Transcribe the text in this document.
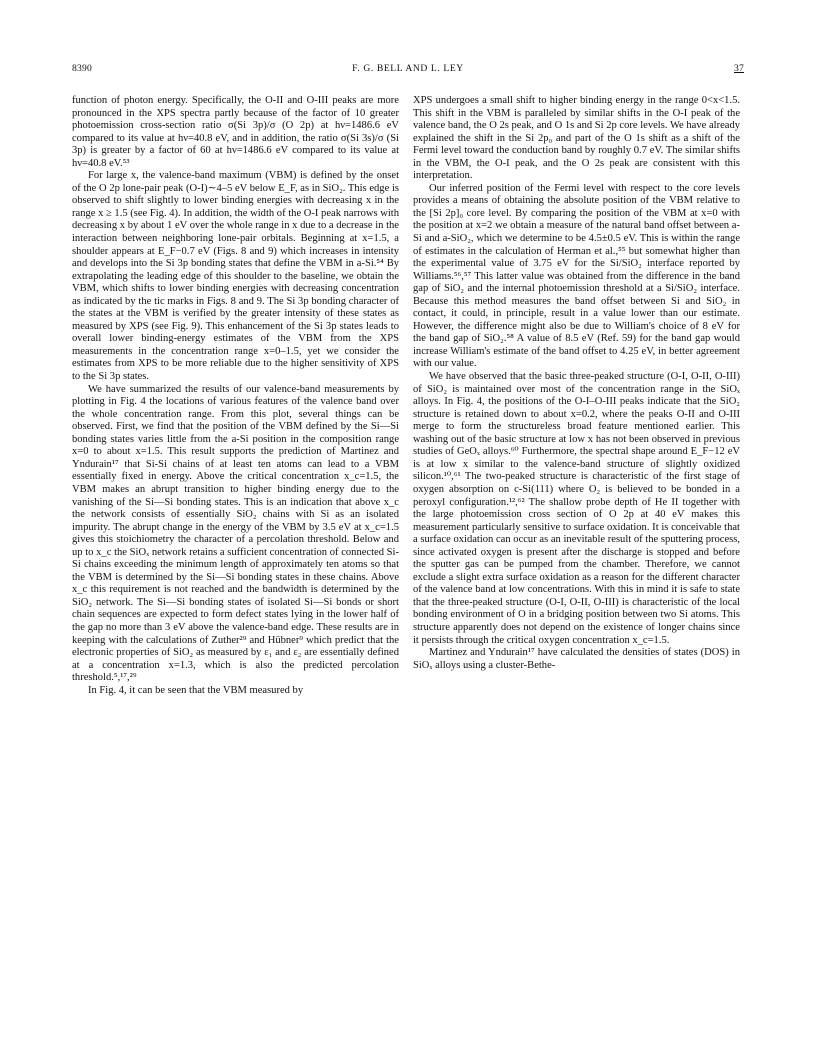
8390	F. G. BELL AND L. LEY	37

function of photon energy. Specifically, the O-II and O-III peaks are more pronounced in the XPS spectra partly because of the factor of 10 greater photoemission cross-section ratio σ(Si 3p)/σ (O 2p) at hν=1486.6 eV compared to its value at hν=40.8 eV, and in addition, the ratio σ(Si 3s)/σ (Si 3p) is greater by a factor of 60 at hν=1486.6 eV compared to its value at hν=40.8 eV.⁵³

For large x, the valence-band maximum (VBM) is defined by the onset of the O 2p lone-pair peak (O-I)∼4–5 eV below E_F, as in SiO₂. This edge is observed to shift slightly to lower binding energies with decreasing x in the range x ≥ 1.5 (see Fig. 4). In addition, the width of the O-I peak narrows with decreasing x by about 1 eV over the whole range in x due to a decrease in the interaction between neighboring lone-pair orbitals. Beginning at x=1.5, a shoulder appears at E_F−0.7 eV (Figs. 8 and 9) which increases in intensity and develops into the Si 3p bonding states that define the VBM in a-Si.⁵⁴ By extrapolating the leading edge of this shoulder to the baseline, we obtain the VBM, which shifts to lower binding energies with decreasing concentration as indicated by the tic marks in Figs. 8 and 9. The Si 3p bonding character of the states at the VBM is verified by the greater intensity of these states as measured by XPS (see Fig. 9). This enhancement of the Si 3p states leads to overall lower binding-energy estimates of the VBM from the XPS measurements in the concentration range x=0–1.5, yet we consider the estimates from XPS to be more reliable due to the higher sensitivity of XPS to the Si 3p states.

We have summarized the results of our valence-band measurements by plotting in Fig. 4 the locations of various features of the valence band over the whole concentration range. From this plot, several things can be observed. First, we find that the position of the VBM defined by the Si—Si bonding states varies little from the a-Si position in the composition range x=0 to about x=1.5. This result supports the prediction of Martinez and Yndurain¹⁷ that Si-Si chains of at least ten atoms can lead to a VBM essentially fixed in energy. Above the critical concentration x_c=1.5, the VBM makes an abrupt transition to higher binding energy due to the vanishing of the Si—Si bonding states. This is an indication that above x_c the network consists of essentially SiO₂ chains with Si as an isolated impurity. The abrupt change in the energy of the VBM by 3.5 eV at x_c=1.5 gives this stoichiometry the character of a percolation threshold. Below and up to x_c the SiOₓ network retains a sufficient concentration of connected Si-Si chains exceeding the minimum length of approximately ten atoms so that the VBM is determined by the Si—Si bonding states in these chains. Above x_c this requirement is not reached and the bandwidth is determined by the SiO₂ network. The Si—Si bonding states of isolated Si—Si bonds or short chain sequences are expected to form defect states lying in the lower half of the gap no more than 3 eV above the valence-band edge. These results are in keeping with the calculations of Zuther²⁹ and Hübner⁹ which predict that the electronic properties of SiO₂ as measured by ε₁ and ε₂ are essentially defined at a concentration x=1.3, which is also the predicted percolation threshold.⁵,¹⁷,²⁹

In Fig. 4, it can be seen that the VBM measured by

XPS undergoes a small shift to higher binding energy in the range 0<x<1.5. This shift in the VBM is paralleled by similar shifts in the O-I peak of the valence band, the O 2s peak, and O 1s and Si 2p core levels. We have already explained the shift in the Si 2p₀ and part of the O 1s shift as a shift of the Fermi level toward the conduction band by roughly 0.7 eV. The similar shifts in the VBM, the O-I peak, and the O 2s peak are consistent with this interpretation.

Our inferred position of the Fermi level with respect to the core levels provides a means of obtaining the absolute position of the VBM relative to the [Si 2p]₀ core level. By comparing the position of the VBM at x=0 with the position at x=2 we obtain a measure of the natural band offset between a-Si and a-SiO₂, which we determine to be 4.5±0.5 eV. This is within the range of estimates in the calculation of Herman et al.,⁵⁵ but somewhat higher than the experimental value of 3.75 eV for the Si/SiO₂ interface reported by Williams.⁵⁶,⁵⁷ This latter value was obtained from the difference in the band gap of SiO₂ and the internal photoemission threshold at a Si/SiO₂ interface. Because this method measures the band offset between Si and SiO₂ in contact, it could, in principle, result in a value lower than our estimate. However, the difference might also be due to William's choice of 8 eV for the band gap of SiO₂.⁵⁸ A value of 8.5 eV (Ref. 59) for the band gap would increase William's estimate of the band offset to 4.25 eV, in better agreement with our value.

We have observed that the basic three-peaked structure (O-I, O-II, O-III) of SiO₂ is maintained over most of the concentration range in the SiOₓ alloys. In Fig. 4, the positions of the O-I–O-III peaks indicate that the SiO₂ structure is retained down to about x=0.2, where the peaks O-II and O-III merge to form the structureless broad feature mentioned earlier. This washing out of the basic structure at low x has not been observed in previous studies of GeOₓ alloys.⁶⁰ Furthermore, the spectral shape around E_F−12 eV is at low x similar to the valence-band structure of slightly oxidized silicon.¹⁰,⁶¹ The two-peaked structure is characteristic of the first stage of oxygen absorption on c-Si(111) where O₂ is believed to be bonded in a peroxyl configuration.¹²,⁶² The shallow probe depth of He II together with the large photoemission cross section of O 2p at 40 eV makes this measurement particularly sensitive to surface oxidation. It is conceivable that a surface oxidation can occur as an inevitable result of the sputtering process, since activated oxygen is present after the discharge is stopped and before the sputter gas can be pumped from the chamber. Therefore, we cannot exclude a slight extra surface oxidation as a reason for the different character of the valence band at low concentrations. With this in mind it is safe to state that the three-peaked structure (O-I, O-II, O-III) is characteristic of the local bonding environment of O in a bridging position between two Si atoms. This structure apparently does not depend on the existence of longer chains since it persists through the critical oxygen concentration x_c=1.5.

Martinez and Yndurain¹⁷ have calculated the densities of states (DOS) in SiOₓ alloys using a cluster-Bethe-
